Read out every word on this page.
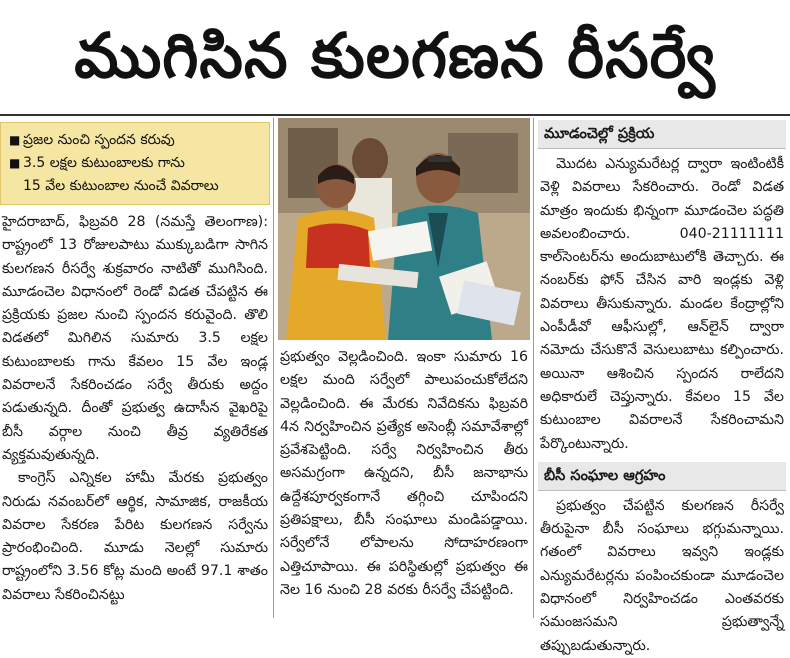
ముగిసిన కులగణన రీసర్వే
■ ప్రజల నుంచి స్పందన కరువు
■ 3.5 లక్షల కుటుంబాలకు గాను
15 వేల కుటుంబాల నుంచే వివరాలు

హైదరాబాద్, ఫిబ్రవరి 28 (నమస్తే తెలంగాణ): రాష్ట్రంలో 13 రోజులపాటు ముక్కుబడిగా సాగిన కులగణన రీసర్వే శుక్రవారం నాటితో ముగిసింది. మూడంచెల విధానంలో రెండో విడత చేపట్టిన ఈ ప్రక్రియకు ప్రజల నుంచి స్పందన కరువైంది. తొలి విడతలో మిగిలిన సుమారు 3.5 లక్షల కుటుంబాలకు గాను కేవలం 15 వేల ఇండ్ల వివరాలనే సేకరించడం సర్వే తీరుకు అద్దం పడుతున్నది. దీంతో ప్రభుత్వ ఉదాసీన వైఖరిపై బీసీ వర్గాల నుంచి తీవ్ర వ్యతిరేకత వ్యక్తమవుతున్నది.

కాంగ్రెస్ ఎన్నికల హామీ మేరకు ప్రభుత్వం నిరుడు నవంబర్‌లో ఆర్థిక, సామాజిక, రాజకీయ వివరాల సేకరణ పేరిట కులగణన సర్వేను ప్రారంభించింది. మూడు నెలల్లో సుమారు రాష్ట్రంలోని 3.56 కోట్ల మంది అంటే 97.1 శాతం వివరాలు సేకరించినట్టు

ప్రభుత్వం వెల్లడించింది. ఇంకా సుమారు 16 లక్షల మంది సర్వేలో పాలుపంచుకోలేదని వెల్లడించింది. ఈ మేరకు నివేదికను ఫిబ్రవరి 4న నిర్వహించిన ప్రత్యేక అసెంబ్లీ సమావేశాల్లో ప్రవేశపెట్టింది. సర్వే నిర్వహించిన తీరు అసమగ్రంగా ఉన్నదని, బీసీ జనాభాను ఉద్దేశపూర్వకంగానే తగ్గించి చూపిందని ప్రతిపక్షాలు, బీసీ సంఘాలు మండిపడ్డాయి. సర్వేలోనే లోపాలను సోదాహరణంగా ఎత్తిచూపాయి. ఈ పరిస్థితుల్లో ప్రభుత్వం ఈ నెల 16 నుంచి 28 వరకు రీసర్వే చేపట్టింది.

మూడంచెల్లో ప్రక్రియ

మొదట ఎన్యుమరేటర్ల ద్వారా ఇంటింటికీ వెళ్లి వివరాలు సేకరించారు. రెండో విడత మాత్రం ఇందుకు భిన్నంగా మూడంచెల పద్ధతి అవలంబించారు. 040-21111111 కాల్‌సెంటర్‌ను అందుబాటులోకి తెచ్చారు. ఈ నంబర్‌కు ఫోన్ చేసిన వారి ఇండ్లకు వెళ్లి వివరాలు తీసుకున్నారు. మండల కేంద్రాల్లోని ఎంపీడీవో ఆఫీసుల్లో, ఆన్‌లైన్ ద్వారా నమోదు చేసుకొనే వెసులుబాటు కల్పించారు. అయినా ఆశించిన స్పందన రాలేదని అధికారులే చెప్తున్నారు. కేవలం 15 వేల కుటుంబాల వివరాలనే సేకరించామని పేర్కొంటున్నారు.

బీసీ సంఘాల ఆగ్రహం

ప్రభుత్వం చేపట్టిన కులగణన రీసర్వే తీరుపైనా బీసీ సంఘాలు భగ్గుమన్నాయి. గతంలో వివరాలు ఇవ్వని ఇండ్లకు ఎన్యుమరేటర్లను పంపించకుండా మూడంచెల విధానంలో నిర్వహించడం ఎంతవరకు సమంజసమని ప్రభుత్వాన్నే తప్పుబడుతున్నారు.
